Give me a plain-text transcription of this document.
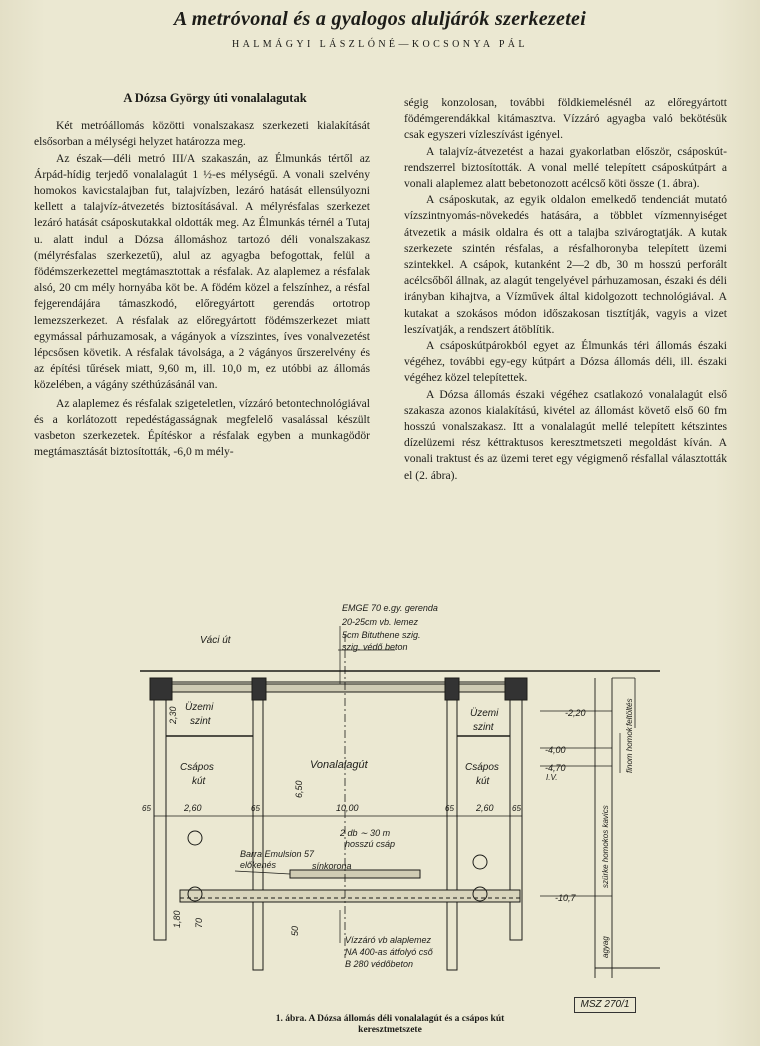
A metróvonal és a gyalogos aluljárók szerkezetei
HALMÁGYI LÁSZLÓNÉ—KOCSONYA PÁL
A Dózsa György úti vonalalagutak

Két metróállomás közötti vonalszakasz szerkezeti kialakítását elsősorban a mélységi helyzet határozza meg.

Az észak—déli metró III/A szakaszán, az Élmunkás tértől az Árpád-hídig terjedő vonalalagút 1 ½-es mélységű. A vonali szelvény homokos kavicstalajban fut, talajvízben, lezáró hatását ellensúlyozni kellett a talajvíz-átvezetés biztosításával. A mélyrésfalas szerkezet lezáró hatását csáposkutakkal oldották meg. Az Élmunkás térnél a Tutaj u. alatt indul a Dózsa állomáshoz tartozó déli vonalszakasz (mélyrésfalas szerkezetű), alul az agyagba befogottak, felül a födémszerkezettel megtámasztottak a résfalak. Az alaplemez a résfalak alsó, 20 cm mély hornyába köt be. A födém közel a felszínhez, a résfal fejgerendájára támaszkodó, előregyártott gerendás ortotrop lemezszerkezet. A résfalak az előregyártott födémszerkezet miatt egymással párhuzamosak, a vágányok a vízszintes, íves vonalvezetést lépcsősen követik. A résfalak távolsága, a 2 vágányos űrszerelvény és az építési tűrések miatt, 9,60 m, ill. 10,0 m, ez utóbbi az állomás közelében, a vágány széthúzásánál van.

Az alaplemez és résfalak szigeteletlen, vízzáró betontechnológiával és a korlátozott repedéstágasságnak megfelelő vasalással készült vasbeton szerkezetek. Építéskor a résfalak egyben a munkagödör megtámasztását biztosították, -6,0 m mély-

ségig konzolosan, további földkiemelésnél az előregyártott födémgerendákkal kitámasztva. Vízzáró agyagba való bekötésük csak egyszeri vízleszívást igényel.

A talajvíz-átvezetést a hazai gyakorlatban először, csáposkút-rendszerrel biztosították. A vonal mellé telepített csáposkútpárt a vonali alaplemez alatt bebetonozott acélcső köti össze (1. ábra).

A csáposkutak, az egyik oldalon emelkedő tendenciát mutató vízszintnyomás-növekedés hatására, a többlet vízmennyiséget átvezetik a másik oldalra és ott a talajba szivárogtatják. A kutak szerkezete szintén résfalas, a résfalhoronyba telepített üzemi szintekkel. A csápok, kutanként 2—2 db, 30 m hosszú perforált acélcsőből állnak, az alagút tengelyével párhuzamosan, északi és déli irányban kihajtva, a Vízművek által kidolgozott technológiával. A kutakat a szokásos módon időszakosan tisztítják, vagyis a vizet leszívatják, a rendszert átöblítik.

A csáposkútpárokból egyet az Élmunkás téri állomás északi végéhez, további egy-egy kútpárt a Dózsa állomás déli, ill. északi végéhez közel telepítettek.

A Dózsa állomás északi végéhez csatlakozó vonalalagút első szakasza azonos kialakítású, kivétel az állomást követő első 60 fm hosszú vonalszakasz. Itt a vonalalagút mellé telepített kétszintes dízelüzemi rész kéttraktusos keresztmetszeti megoldást kíván. A vonali traktust és az üzemi teret egy végigmenő résfallal választották el (2. ábra).

Váci út
EMGE 70 e.gy. gerenda
20-25cm vb. lemez
5cm Bituthene szig.
szig. védő beton
Üzemi
szint
Üzemi
szint
Csápos
kút
Csápos
kút
Vonalalagút
2 db ∼ 30 m
hosszú csáp
Barra Emulsion 57
előkenés	sínkorona
Vízzáró vb alaplemez
NA 400-as átfolyó cső
B 280 védőbeton
feltöltés
finom homok
szürke homokos kavics
agyag
I.V.
-2,20
-4,00
-4,70
-10,7
2,30
2,60
65	65	10,00	65 2,60 65
6,50
1,80 70
50
MSZ 270/1
1. ábra. A Dózsa állomás déli vonalalagút és a csápos kút
keresztmetszete
